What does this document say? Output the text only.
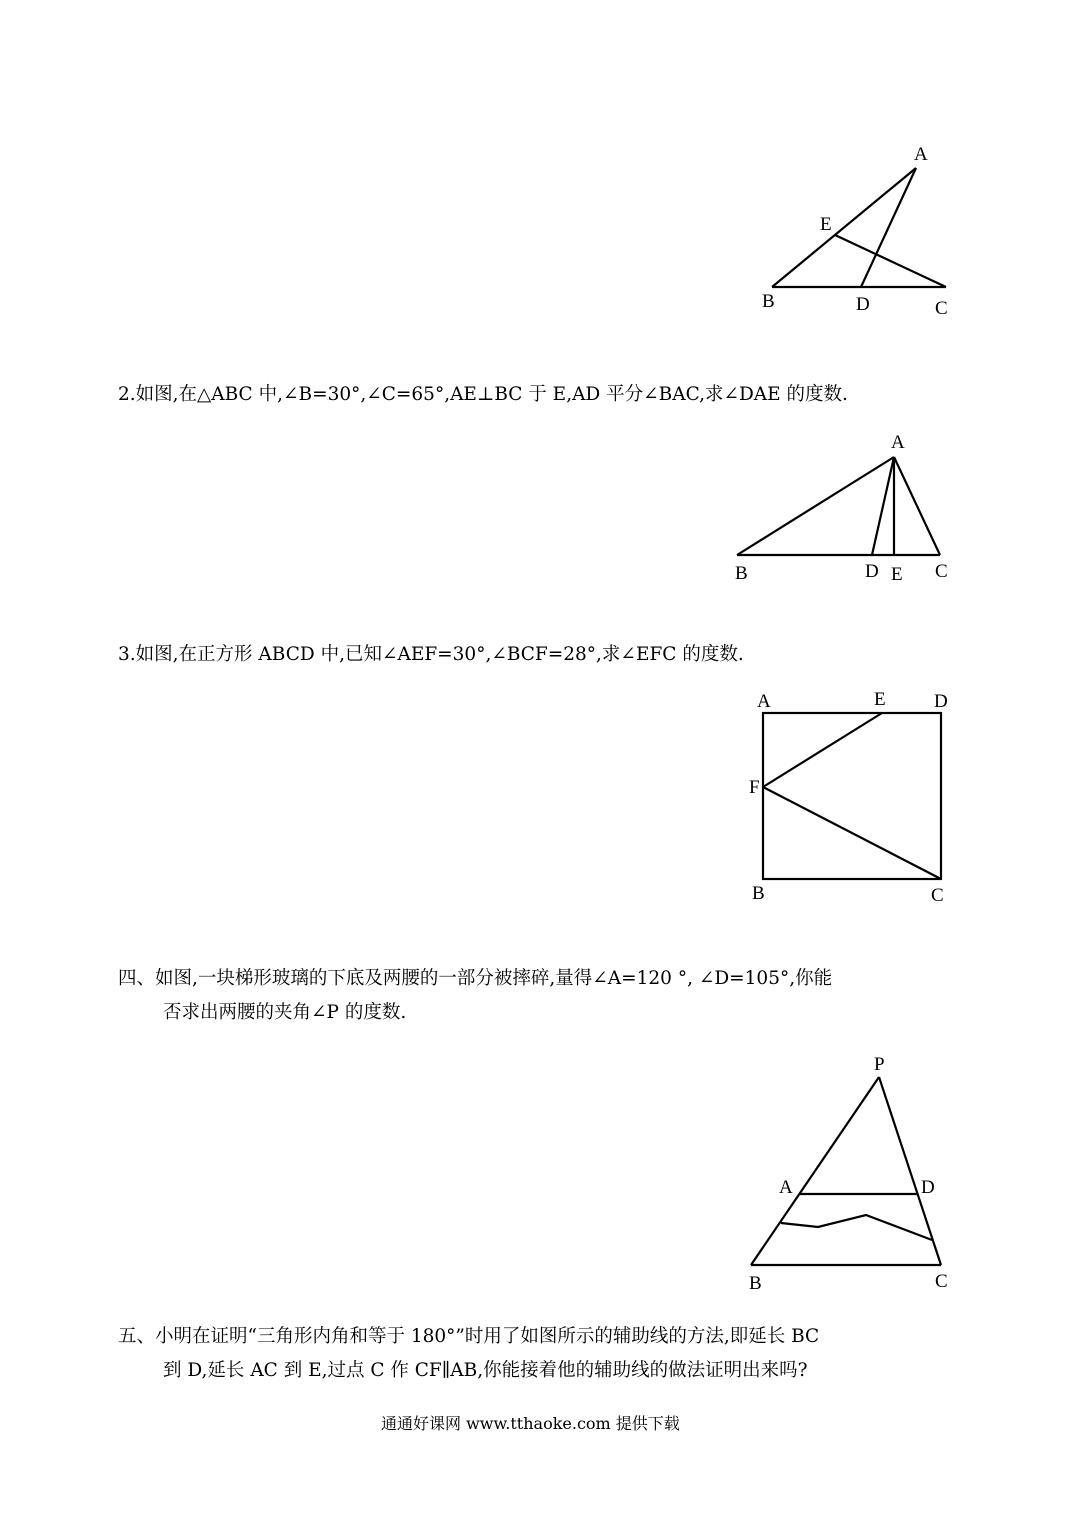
A
E
B	D	C
2.如图,在△ABC 中,∠B=30°,∠C=65°,AE⊥BC 于 E,AD 平分∠BAC,求∠DAE 的度数.
A
B	D E C
3.如图,在正方形 ABCD 中,已知∠AEF=30°,∠BCF=28°,求∠EFC 的度数.
A	E	D
F
B	C
四、如图,一块梯形玻璃的下底及两腰的一部分被摔碎,量得∠A=120 °, ∠D=105°,你能
否求出两腰的夹角∠P 的度数.
P
A	D
B	C
五、小明在证明“三角形内角和等于 180°”时用了如图所示的辅助线的方法,即延长 BC
到 D,延长 AC 到 E,过点 C 作 CF∥AB,你能接着他的辅助线的做法证明出来吗?
通通好课网 www.tthaoke.com 提供下载
